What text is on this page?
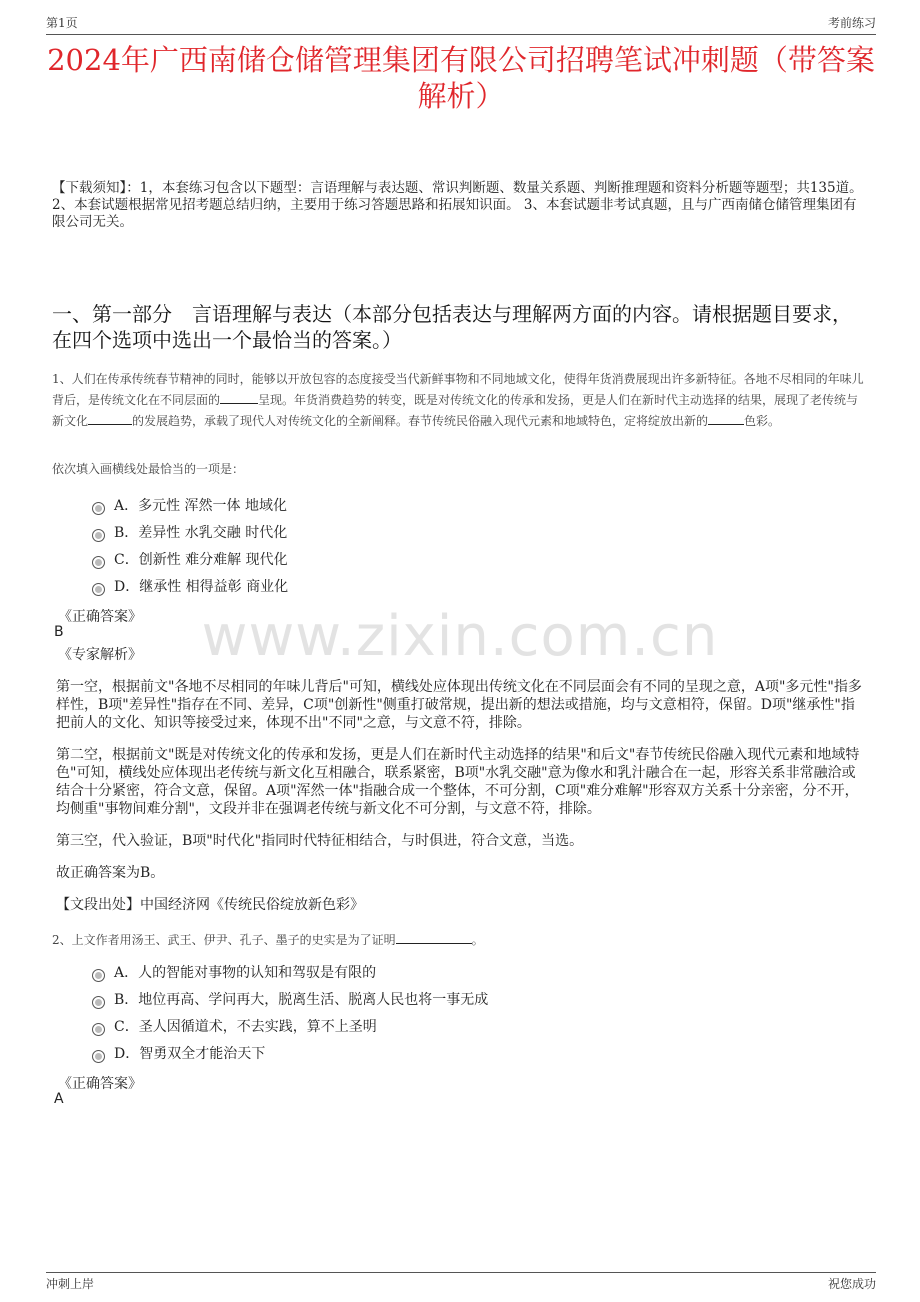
第1页	考前练习
2024年广西南储仓储管理集团有限公司招聘笔试冲刺题（带答案解析）
【下载须知】：1，本套练习包含以下题型：言语理解与表达题、常识判断题、数量关系题、判断推理题和资料分析题等题型；共135道。 2、本套试题根据常见招考题总结归纳，主要用于练习答题思路和拓展知识面。 3、本套试题非考试真题，且与广西南储仓储管理集团有限公司无关。
一、第一部分　言语理解与表达（本部分包括表达与理解两方面的内容。请根据题目要求，在四个选项中选出一个最恰当的答案。）
1、人们在传承传统春节精神的同时，能够以开放包容的态度接受当代新鲜事物和不同地域文化，使得年货消费展现出许多新特征。各地不尽相同的年味儿背后，是传统文化在不同层面的	呈现。年货消费趋势的转变，既是对传统文化的传承和发扬，更是人们在新时代主动选择的结果，展现了老传统与新文化	的发展趋势，承载了现代人对传统文化的全新阐释。春节传统民俗融入现代元素和地域特色，定将绽放出新的	色彩。
依次填入画横线处最恰当的一项是：
A．多元性 浑然一体 地域化
B．差异性 水乳交融 时代化
C．创新性 难分难解 现代化
D．继承性 相得益彰 商业化
《正确答案》
B	www.zixin.com.cn
《专家解析》
第一空，根据前文"各地不尽相同的年味儿背后"可知，横线处应体现出传统文化在不同层面会有不同的呈现之意，A项"多元性"指多样性，B项"差异性"指存在不同、差异，C项"创新性"侧重打破常规，提出新的想法或措施，均与文意相符，保留。D项"继承性"指把前人的文化、知识等接受过来，体现不出"不同"之意，与文意不符，排除。
第二空，根据前文"既是对传统文化的传承和发扬，更是人们在新时代主动选择的结果"和后文"春节传统民俗融入现代元素和地域特色"可知，横线处应体现出老传统与新文化互相融合，联系紧密，B项"水乳交融"意为像水和乳汁融合在一起，形容关系非常融洽或结合十分紧密，符合文意，保留。A项"浑然一体"指融合成一个整体，不可分割，C项"难分难解"形容双方关系十分亲密，分不开，均侧重"事物间难分割"，文段并非在强调老传统与新文化不可分割，与文意不符，排除。
第三空，代入验证，B项"时代化"指同时代特征相结合，与时俱进，符合文意，当选。
故正确答案为B。
【文段出处】中国经济网《传统民俗绽放新色彩》
2、上文作者用汤王、武王、伊尹、孔子、墨子的史实是为了证明	。
A．人的智能对事物的认知和驾驭是有限的
B．地位再高、学问再大，脱离生活、脱离人民也将一事无成
C．圣人因循道术，不去实践，算不上圣明
D．智勇双全才能治天下
《正确答案》
A
冲刺上岸	祝您成功
